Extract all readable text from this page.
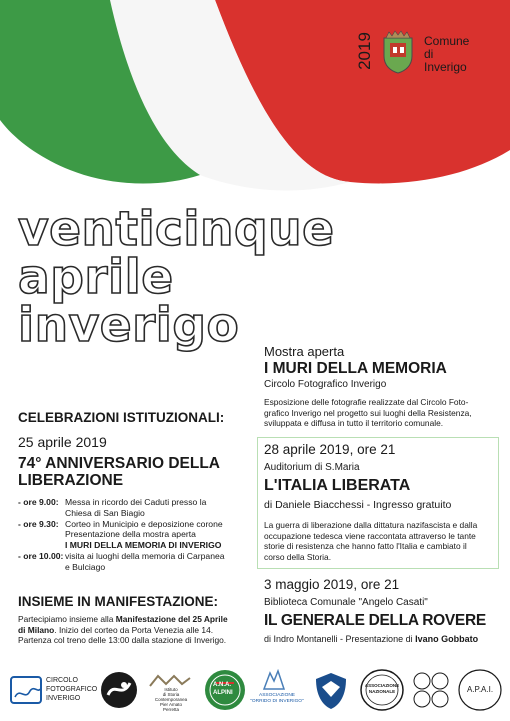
2019	Comune
di
Inverigo
venticinque
aprile
inverigo Mostra aperta
I MURI DELLA MEMORIA
Circolo Fotografico Inverigo
Esposizione delle fotografie realizzate dal Circolo Foto-
grafico Inverigo nel progetto sui luoghi della Resistenza,
sviluppata e diffusa in tutto il territorio comunale.
CELEBRAZIONI ISTITUZIONALI:
25 aprile 2019
74° ANNIVERSARIO DELLA
LIBERAZIONE
- ore 9.00: Messa in ricordo dei Caduti presso la
Chiesa di San Biagio
- ore 9.30: Corteo in Municipio e deposizione corone
Presentazione della mostra aperta
I MURI DELLA MEMORIA DI INVERIGO
- ore 10.00: visita ai luoghi della memoria di Carpanea
e Bulciago
INSIEME IN MANIFESTAZIONE:
Partecipiamo insieme alla Manifestazione del 25 Aprile
di Milano. Inizio del corteo da Porta Venezia alle 14.
Partenza col treno delle 13:00 dalla stazione di Inverigo.
28 aprile 2019, ore 21
Auditorium di S.Maria
L'ITALIA LIBERATA
di Daniele Biacchessi - Ingresso gratuito
La guerra di liberazione dalla dittatura nazifascista e dalla
occupazione tedesca viene raccontata attraverso le tante
storie di resistenza che hanno fatto l'Italia e cambiato il
corso della Storia.
3 maggio 2019, ore 21
Biblioteca Comunale "Angelo Casati"
IL GENERALE DELLA ROVERE
di Indro Montanelli - Presentazione di Ivano Gobbato
CIRCOLO
FOTOGRAFICO
INVERIGO
Istituto
di Storia
Contemporanea
Pier Amato
Perretta
A.N.A.
ALPINI	ASSOCIAZIONE
"ORRIDO DI INVERIGO"
ASSOCIAZIONE
NAZIONALE	A.P.A.I.
